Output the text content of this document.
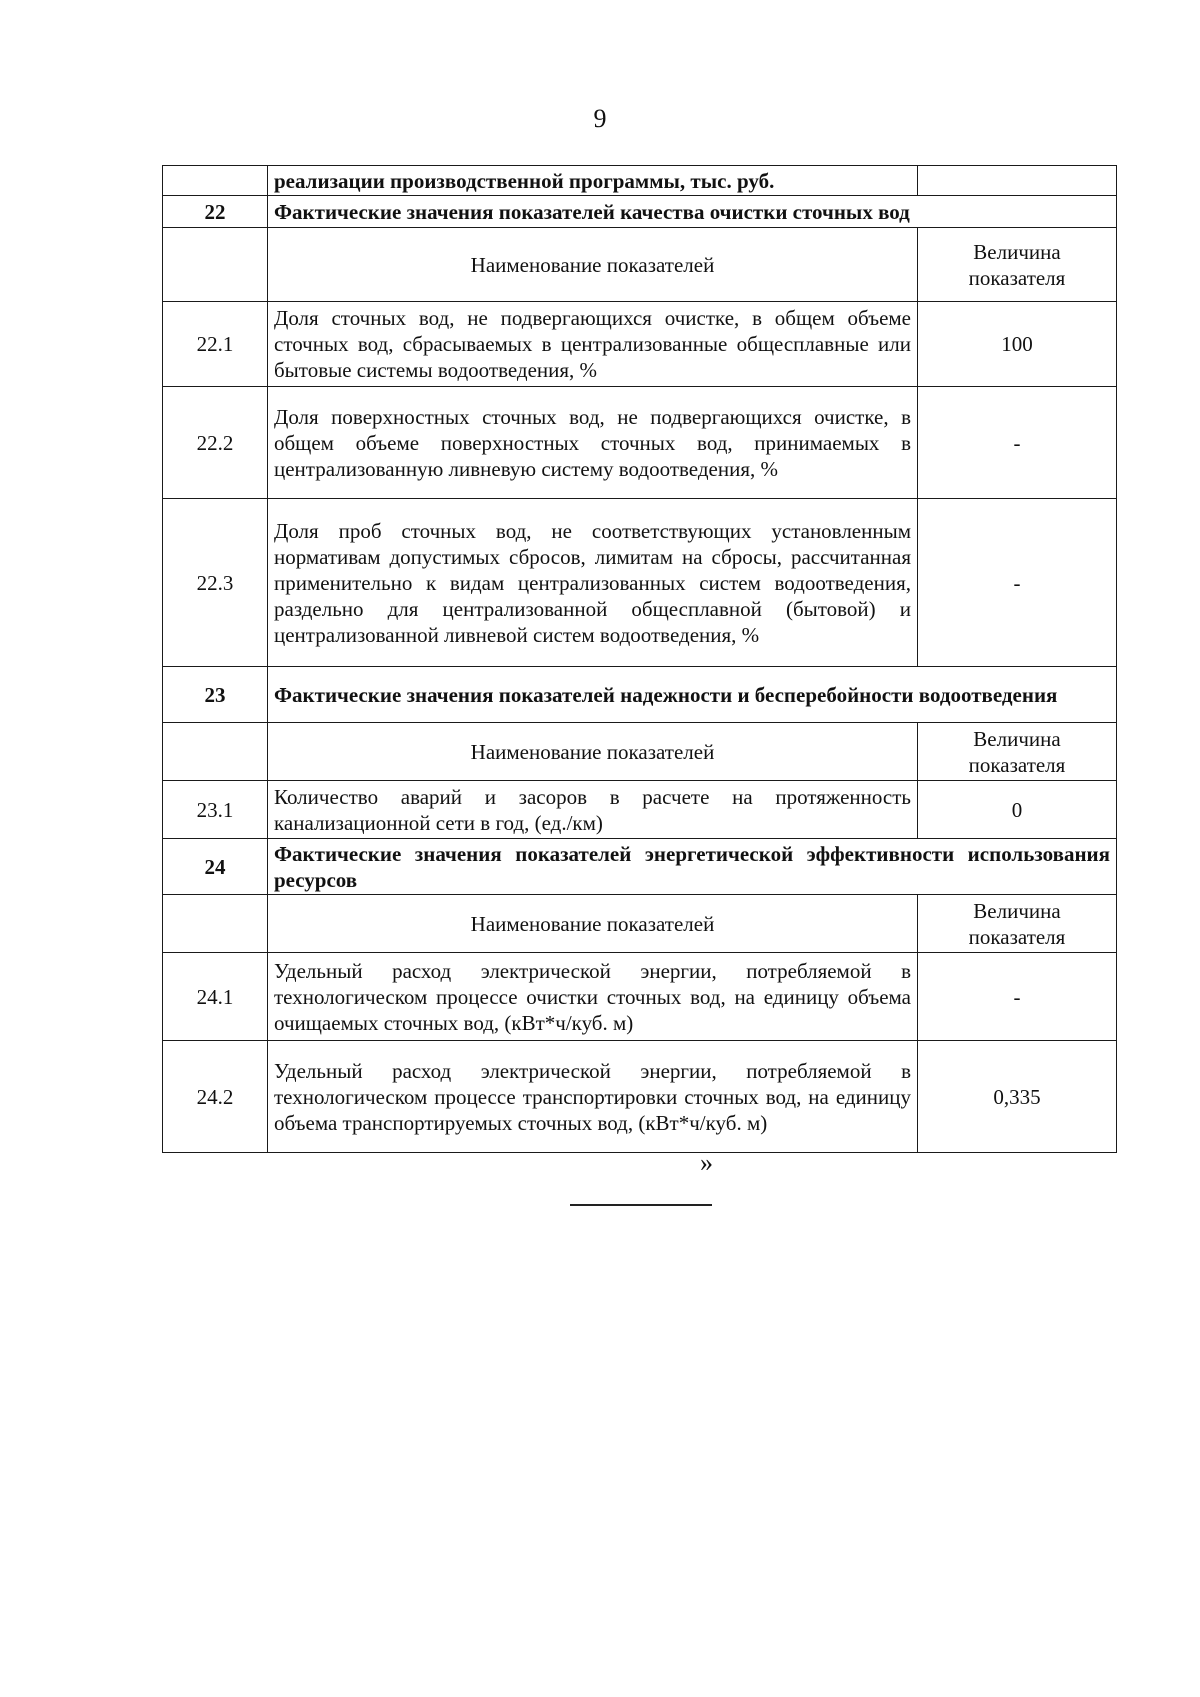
9
	реализации производственной программы, тыс. руб.	
22	Фактические значения показателей качества очистки сточных вод	
	Наименование показателей	Величина показателя
22.1	Доля сточных вод, не подвергающихся очистке, в общем объеме сточных вод, сбрасываемых в централизованные общесплавные или бытовые системы водоотведения, %	100
22.2	Доля поверхностных сточных вод, не подвергающихся очистке, в общем объеме поверхностных сточных вод, принимаемых в централизованную ливневую систему водоотведения, %	-
22.3	Доля проб сточных вод, не соответствующих установленным нормативам допустимых сбросов, лимитам на сбросы, рассчитанная применительно к видам централизованных систем водоотведения, раздельно для централизованной общесплавной (бытовой) и централизованной ливневой систем водоотведения, %	-
23	Фактические значения показателей надежности и бесперебойности водоотведения	
	Наименование показателей	Величина показателя
23.1	Количество аварий и засоров в расчете на протяженность канализационной сети в год, (ед./км)	0
24	Фактические значения показателей энергетической эффективности использования ресурсов	
	Наименование показателей	Величина показателя
24.1	Удельный расход электрической энергии, потребляемой в технологическом процессе очистки сточных вод, на единицу объема очищаемых сточных вод, (кВт*ч/куб. м)	-
24.2	Удельный расход электрической энергии, потребляемой в технологическом процессе транспортировки сточных вод, на единицу объема транспортируемых сточных вод, (кВт*ч/куб. м)	0,335
»
